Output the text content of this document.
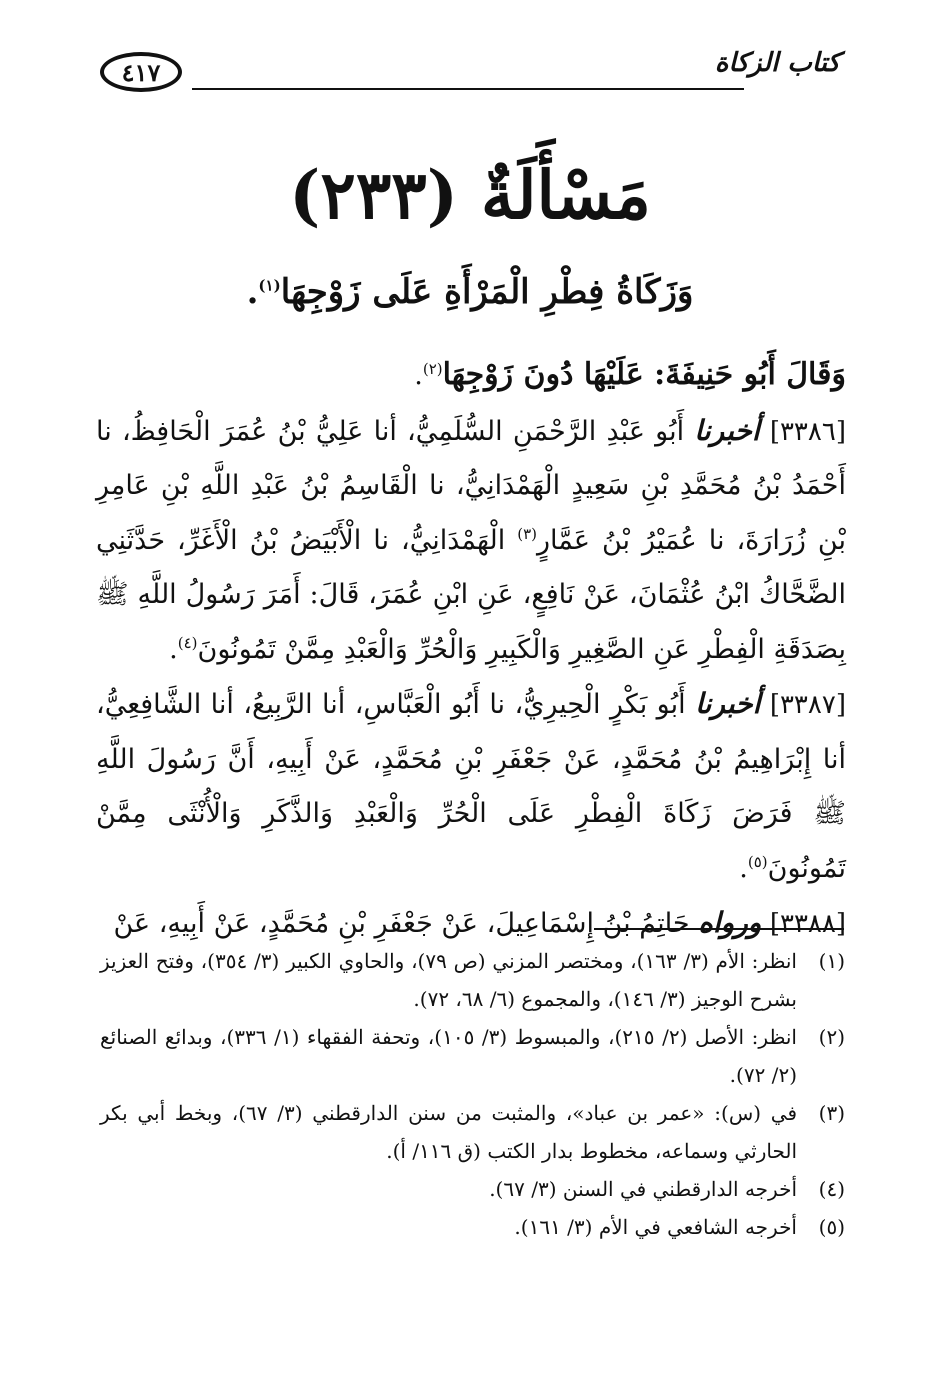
٤١٧	كتاب الزكاة
مَسْأَلَةٌ (٢٣٣)
وَزَكَاةُ فِطْرِ الْمَرْأَةِ عَلَى زَوْجِهَا$^{(١)}$.

وَقَالَ أَبُو حَنِيفَةَ: عَلَيْهَا دُونَ زَوْجِهَا$^{(٢)}$.

[٣٣٨٦] أخبرنا أَبُو عَبْدِ الرَّحْمَنِ السُّلَمِيُّ، أنا عَلِيُّ بْنُ عُمَرَ الْحَافِظُ، نا أَحْمَدُ بْنُ مُحَمَّدِ بْنِ سَعِيدٍ الْهَمْدَانِيُّ، نا الْقَاسِمُ بْنُ عَبْدِ اللَّهِ بْنِ عَامِرِ بْنِ زُرَارَةَ، نا عُمَيْرُ بْنُ عَمَّارٍ$^{(٣)}$ الْهَمْدَانِيُّ، نا الْأَبْيَضُ بْنُ الْأَغَرِّ، حَدَّثَنِي الضَّحَّاكُ ابْنُ عُثْمَانَ، عَنْ نَافِعٍ، عَنِ ابْنِ عُمَرَ، قَالَ: أَمَرَ رَسُولُ اللَّهِ ﷺ بِصَدَقَةِ الْفِطْرِ عَنِ الصَّغِيرِ وَالْكَبِيرِ وَالْحُرِّ وَالْعَبْدِ مِمَّنْ تَمُونُونَ$^{(٤)}$.

[٣٣٨٧] أخبرنا أَبُو بَكْرٍ الْحِيرِيُّ، نا أَبُو الْعَبَّاسِ، أنا الرَّبِيعُ، أنا الشَّافِعِيُّ، أنا إِبْرَاهِيمُ بْنُ مُحَمَّدٍ، عَنْ جَعْفَرِ بْنِ مُحَمَّدٍ، عَنْ أَبِيهِ، أَنَّ رَسُولَ اللَّهِ ﷺ فَرَضَ زَكَاةَ الْفِطْرِ عَلَى الْحُرِّ وَالْعَبْدِ وَالذَّكَرِ وَالْأُنْثَى مِمَّنْ تَمُونُونَ$^{(٥)}$.

[٣٣٨٨] ورواه حَاتِمُ بْنُ إِسْمَاعِيلَ، عَنْ جَعْفَرِ بْنِ مُحَمَّدٍ، عَنْ أَبِيهِ، عَنْ

(١)
انظر: الأم (٣/ ١٦٣)، ومختصر المزني (ص ٧٩)، والحاوي الكبير (٣/ ٣٥٤)، وفتح العزيز بشرح الوجيز (٣/ ١٤٦)، والمجموع (٦/ ٦٨، ٧٢).
(٢)
انظر: الأصل (٢/ ٢١٥)، والمبسوط (٣/ ١٠٥)، وتحفة الفقهاء (١/ ٣٣٦)، وبدائع الصنائع (٢/ ٧٢).
(٣)
في (س): «عمر بن عباد»، والمثبت من سنن الدارقطني (٣/ ٦٧)، وبخط أبي بكر الحارثي وسماعه، مخطوط بدار الكتب (ق ١١٦/ أ).
(٤)
أخرجه الدارقطني في السنن (٣/ ٦٧).
(٥)
أخرجه الشافعي في الأم (٣/ ١٦١).
